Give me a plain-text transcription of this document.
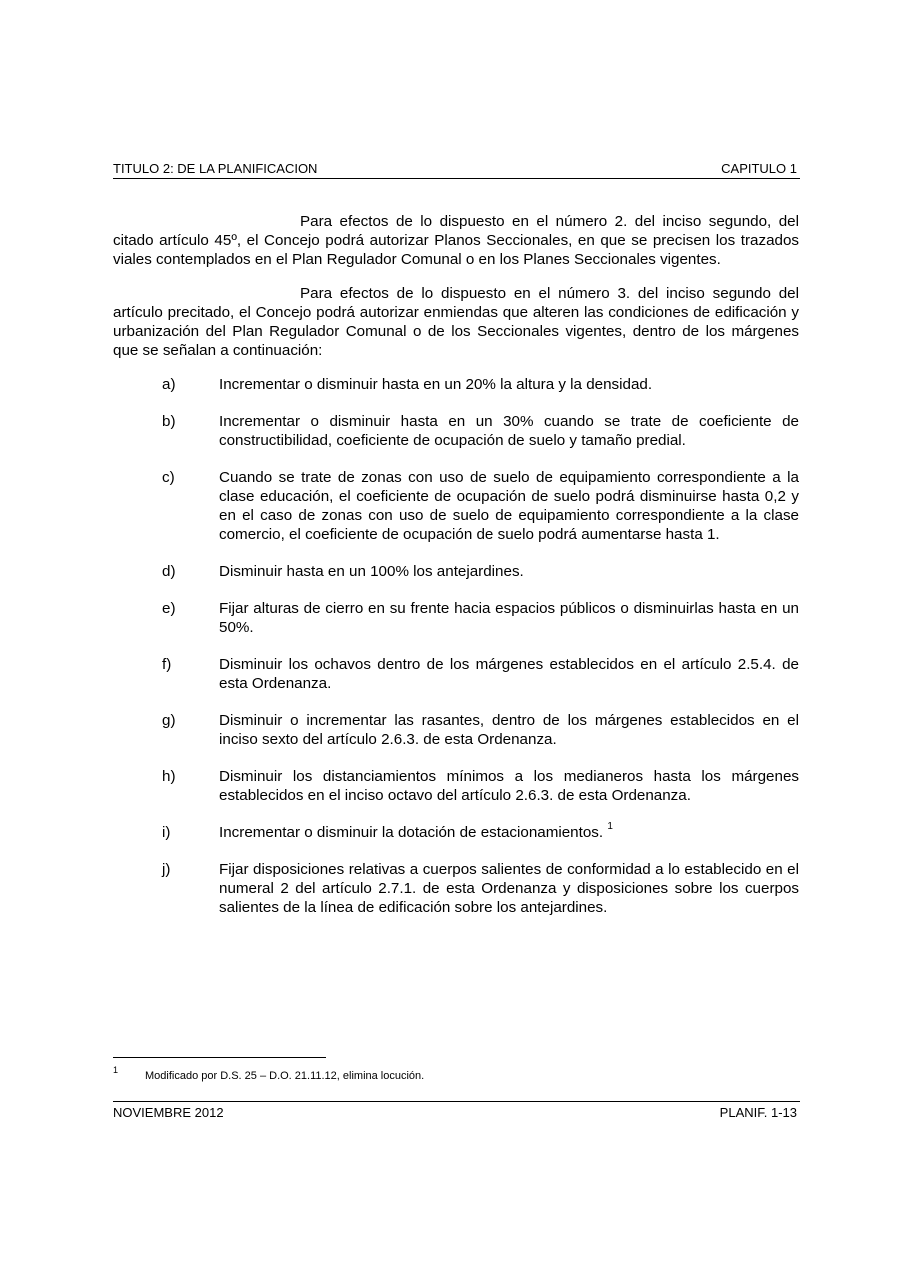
TITULO 2: DE LA PLANIFICACION	CAPITULO 1

Para efectos de lo dispuesto en el número 2. del inciso segundo, del citado artículo 45º, el Concejo podrá autorizar Planos Seccionales, en que se precisen los trazados viales contemplados en el Plan Regulador Comunal o en los Planes Seccionales vigentes.

Para efectos de lo dispuesto en el número 3. del inciso segundo del artículo precitado, el Concejo podrá autorizar enmiendas que alteren las condiciones de edificación y urbanización del Plan Regulador Comunal o de los Seccionales vigentes, dentro de los márgenes que se señalan a continuación:

a)	Incrementar o disminuir hasta en un 20% la altura y la densidad.
b)	Incrementar o disminuir hasta en un 30% cuando se trate de coeficiente de constructibilidad, coeficiente de ocupación de suelo y tamaño predial.
c)	Cuando se trate de zonas con uso de suelo de equipamiento correspondiente a la clase educación, el coeficiente de ocupación de suelo podrá disminuirse hasta 0,2 y en el caso de zonas con uso de suelo de equipamiento correspondiente a la clase comercio, el coeficiente de ocupación de suelo podrá aumentarse hasta 1.
d)	Disminuir hasta en un 100% los antejardines.
e)	Fijar alturas de cierro en su frente hacia espacios públicos o disminuirlas hasta en un 50%.
f)	Disminuir los ochavos dentro de los márgenes establecidos en el artículo 2.5.4. de esta Ordenanza.
g)	Disminuir o incrementar las rasantes, dentro de los márgenes establecidos en el inciso sexto del artículo 2.6.3. de esta Ordenanza.
h)	Disminuir los distanciamientos mínimos a los medianeros hasta los márgenes establecidos en el inciso octavo del artículo 2.6.3. de esta Ordenanza.
i)	Incrementar o disminuir la dotación de estacionamientos. $^1$
j)	Fijar disposiciones relativas a cuerpos salientes de conformidad a lo establecido en el numeral 2 del artículo 2.7.1. de esta Ordenanza y disposiciones sobre los cuerpos salientes de la línea de edificación sobre los antejardines.
1 Modificado por D.S. 25 – D.O. 21.11.12, elimina locución.
NOVIEMBRE 2012	PLANIF. 1-13
